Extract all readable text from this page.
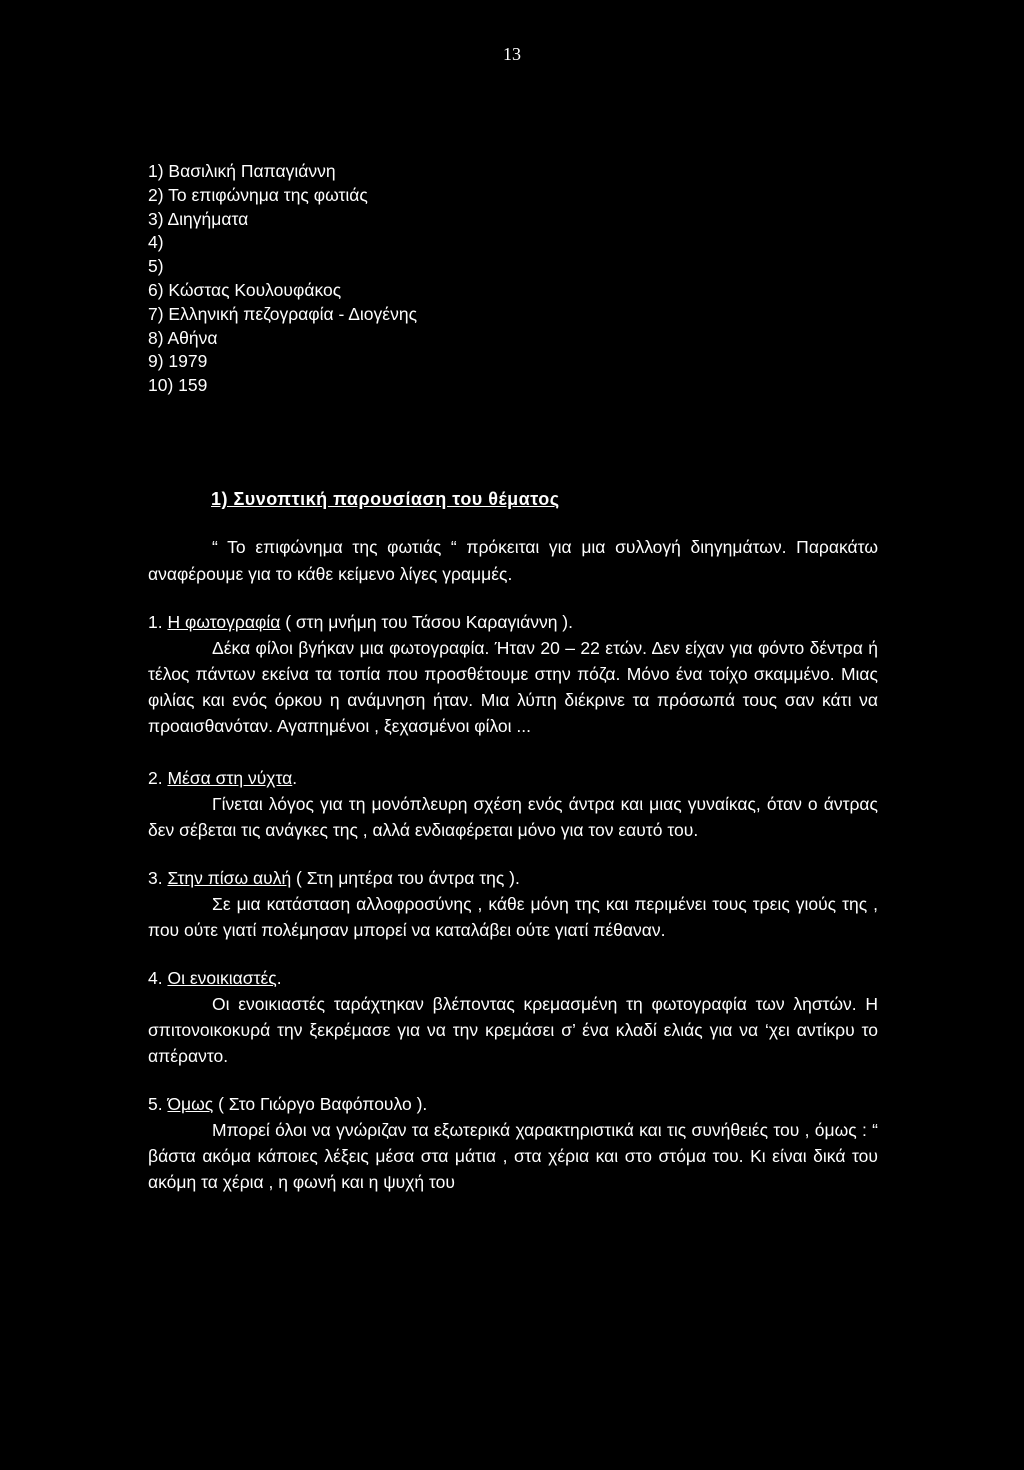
13
1) Βασιλική Παπαγιάννη
2) Το επιφώνημα της φωτιάς
3) Διηγήματα
4)
5)
6) Κώστας Κουλουφάκος
7) Ελληνική πεζογραφία - Διογένης
8) Αθήνα
9) 1979
10) 159
1) Συνοπτική παρουσίαση του θέματος

“ Το επιφώνημα της φωτιάς “ πρόκειται για μια συλλογή διηγημάτων. Παρακάτω αναφέρουμε για το κάθε κείμενο λίγες γραμμές.

1. Η φωτογραφία ( στη μνήμη του Τάσου Καραγιάννη ).

Δέκα φίλοι βγήκαν μια φωτογραφία. Ήταν 20 – 22 ετών. Δεν είχαν για φόντο δέντρα ή τέλος πάντων εκείνα τα τοπία που προσθέτουμε στην πόζα. Μόνο ένα τοίχο σκαμμένο. Μιας φιλίας και ενός όρκου η ανάμνηση ήταν. Μια λύπη διέκρινε τα πρόσωπά τους σαν κάτι να προαισθανόταν. Αγαπημένοι , ξεχασμένοι φίλοι ...

2. Μέσα στη νύχτα.

Γίνεται λόγος για τη μονόπλευρη σχέση ενός άντρα και μιας γυναίκας, όταν ο άντρας δεν σέβεται τις ανάγκες της , αλλά ενδιαφέρεται μόνο για τον εαυτό του.

3. Στην πίσω αυλή ( Στη μητέρα του άντρα της ).

Σε μια κατάσταση αλλοφροσύνης , κάθε μόνη της και περιμένει τους τρεις γιούς της , που ούτε γιατί πολέμησαν μπορεί να καταλάβει ούτε γιατί πέθαναν.

4. Οι ενοικιαστές.

Οι ενοικιαστές ταράχτηκαν βλέποντας κρεμασμένη τη φωτογραφία των ληστών. Η σπιτονοικοκυρά την ξεκρέμασε για να την κρεμάσει σ’ ένα κλαδί ελιάς για να ‘χει αντίκρυ το απέραντο.

5. Όμως ( Στο Γιώργο Βαφόπουλο ).

Μπορεί όλοι να γνώριζαν τα εξωτερικά χαρακτηριστικά και τις συνήθειές του , όμως : “ βάστα ακόμα κάποιες λέξεις μέσα στα μάτια , στα χέρια και στο στόμα του. Κι είναι δικά του ακόμη τα χέρια , η φωνή και η ψυχή του
